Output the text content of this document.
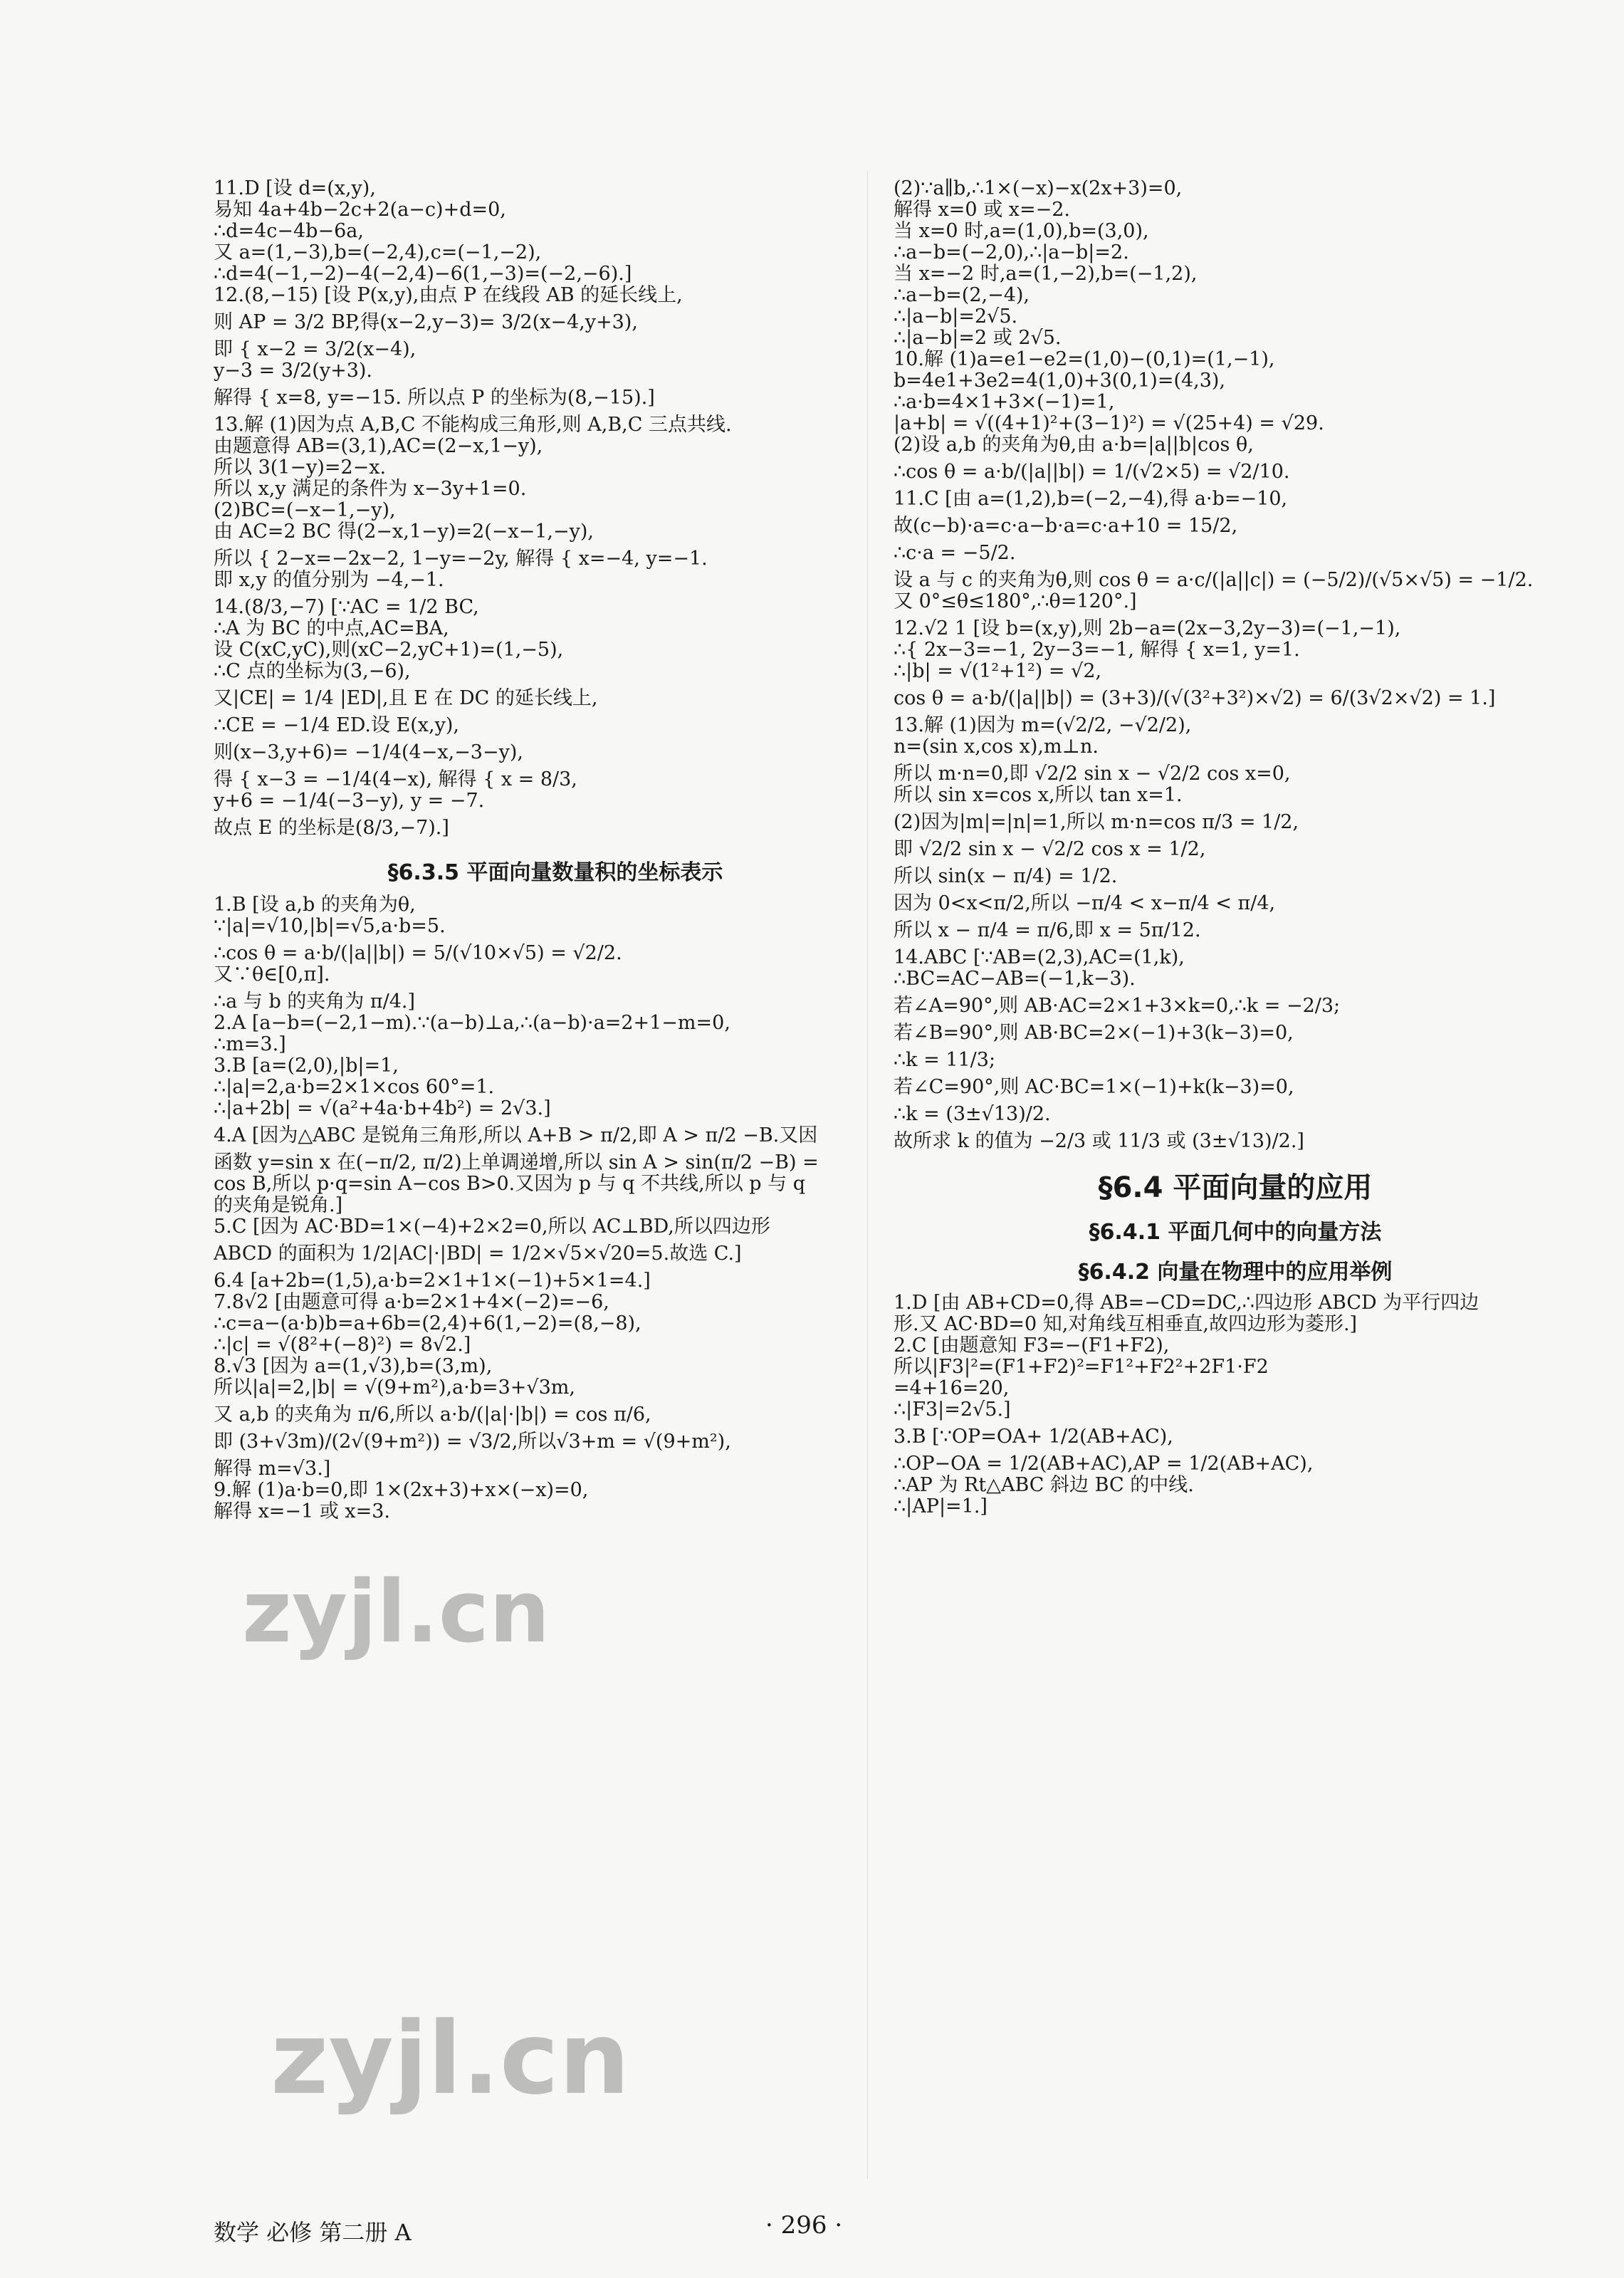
11.D [设 d=(x,y),
易知 4a+4b−2c+2(a−c)+d=0,
∴d=4c−4b−6a,
又 a=(1,−3),b=(−2,4),c=(−1,−2),
∴d=4(−1,−2)−4(−2,4)−6(1,−3)=(−2,−6).]
12.(8,−15) [设 P(x,y),由点 P 在线段 AB 的延长线上,
则 AP = 3/2 BP,得(x−2,y−3)= 3/2(x−4,y+3),
即 { x−2 = 3/2(x−4),
y−3 = 3/2(y+3).
解得 { x=8, y=−15. 所以点 P 的坐标为(8,−15).]
13.解 (1)因为点 A,B,C 不能构成三角形,则 A,B,C 三点共线.
由题意得 AB=(3,1),AC=(2−x,1−y),
所以 3(1−y)=2−x.
所以 x,y 满足的条件为 x−3y+1=0.
(2)BC=(−x−1,−y),
由 AC=2 BC 得(2−x,1−y)=2(−x−1,−y),
所以 { 2−x=−2x−2, 1−y=−2y, 解得 { x=−4, y=−1.
即 x,y 的值分别为 −4,−1.
14.(8/3,−7) [∵AC = 1/2 BC,
∴A 为 BC 的中点,AC=BA,
设 C(xC,yC),则(xC−2,yC+1)=(1,−5),
∴C 点的坐标为(3,−6),
又|CE| = 1/4 |ED|,且 E 在 DC 的延长线上,
∴CE = −1/4 ED.设 E(x,y),
则(x−3,y+6)= −1/4(4−x,−3−y),
得 { x−3 = −1/4(4−x), 解得 { x = 8/3,
y+6 = −1/4(−3−y), y = −7.
故点 E 的坐标是(8/3,−7).]
§6.3.5 平面向量数量积的坐标表示
1.B [设 a,b 的夹角为θ,
∵|a|=√10,|b|=√5,a·b=5.
∴cos θ = a·b/(|a||b|) = 5/(√10×√5) = √2/2.
又∵θ∈[0,π].
∴a 与 b 的夹角为 π/4.]
2.A [a−b=(−2,1−m).∵(a−b)⊥a,∴(a−b)·a=2+1−m=0,
∴m=3.]
3.B [a=(2,0),|b|=1,
∴|a|=2,a·b=2×1×cos 60°=1.
∴|a+2b| = √(a²+4a·b+4b²) = 2√3.]
4.A [因为△ABC 是锐角三角形,所以 A+B > π/2,即 A > π/2 −B.又因
函数 y=sin x 在(−π/2, π/2)上单调递增,所以 sin A > sin(π/2 −B) =
cos B,所以 p·q=sin A−cos B>0.又因为 p 与 q 不共线,所以 p 与 q
的夹角是锐角.]
5.C [因为 AC·BD=1×(−4)+2×2=0,所以 AC⊥BD,所以四边形
ABCD 的面积为 1/2|AC|·|BD| = 1/2×√5×√20=5.故选 C.]
6.4 [a+2b=(1,5),a·b=2×1+1×(−1)+5×1=4.]
7.8√2 [由题意可得 a·b=2×1+4×(−2)=−6,
∴c=a−(a·b)b=a+6b=(2,4)+6(1,−2)=(8,−8),
∴|c| = √(8²+(−8)²) = 8√2.]
8.√3 [因为 a=(1,√3),b=(3,m),
所以|a|=2,|b| = √(9+m²),a·b=3+√3m,
又 a,b 的夹角为 π/6,所以 a·b/(|a|·|b|) = cos π/6,
即 (3+√3m)/(2√(9+m²)) = √3/2,所以√3+m = √(9+m²),
解得 m=√3.]
9.解 (1)a·b=0,即 1×(2x+3)+x×(−x)=0,
解得 x=−1 或 x=3.
(2)∵a∥b,∴1×(−x)−x(2x+3)=0,
解得 x=0 或 x=−2.
当 x=0 时,a=(1,0),b=(3,0),
∴a−b=(−2,0),∴|a−b|=2.
当 x=−2 时,a=(1,−2),b=(−1,2),
∴a−b=(2,−4),
∴|a−b|=2√5.
∴|a−b|=2 或 2√5.
10.解 (1)a=e1−e2=(1,0)−(0,1)=(1,−1),
b=4e1+3e2=4(1,0)+3(0,1)=(4,3),
∴a·b=4×1+3×(−1)=1,
|a+b| = √((4+1)²+(3−1)²) = √(25+4) = √29.
(2)设 a,b 的夹角为θ,由 a·b=|a||b|cos θ,
∴cos θ = a·b/(|a||b|) = 1/(√2×5) = √2/10.
11.C [由 a=(1,2),b=(−2,−4),得 a·b=−10,
故(c−b)·a=c·a−b·a=c·a+10 = 15/2,
∴c·a = −5/2.
设 a 与 c 的夹角为θ,则 cos θ = a·c/(|a||c|) = (−5/2)/(√5×√5) = −1/2.
又 0°≤θ≤180°,∴θ=120°.]
12.√2 1 [设 b=(x,y),则 2b−a=(2x−3,2y−3)=(−1,−1),
∴{ 2x−3=−1, 2y−3=−1, 解得 { x=1, y=1.
∴|b| = √(1²+1²) = √2,
cos θ = a·b/(|a||b|) = (3+3)/(√(3²+3²)×√2) = 6/(3√2×√2) = 1.]
13.解 (1)因为 m=(√2/2, −√2/2),
n=(sin x,cos x),m⊥n.
所以 m·n=0,即 √2/2 sin x − √2/2 cos x=0,
所以 sin x=cos x,所以 tan x=1.
(2)因为|m|=|n|=1,所以 m·n=cos π/3 = 1/2,
即 √2/2 sin x − √2/2 cos x = 1/2,
所以 sin(x − π/4) = 1/2.
因为 0<x<π/2,所以 −π/4 < x−π/4 < π/4,
所以 x − π/4 = π/6,即 x = 5π/12.
14.ABC [∵AB=(2,3),AC=(1,k),
∴BC=AC−AB=(−1,k−3).
若∠A=90°,则 AB·AC=2×1+3×k=0,∴k = −2/3;
若∠B=90°,则 AB·BC=2×(−1)+3(k−3)=0,
∴k = 11/3;
若∠C=90°,则 AC·BC=1×(−1)+k(k−3)=0,
∴k = (3±√13)/2.
故所求 k 的值为 −2/3 或 11/3 或 (3±√13)/2.]
§6.4 平面向量的应用
§6.4.1 平面几何中的向量方法
§6.4.2 向量在物理中的应用举例
1.D [由 AB+CD=0,得 AB=−CD=DC,∴四边形 ABCD 为平行四边
形.又 AC·BD=0 知,对角线互相垂直,故四边形为菱形.]
2.C [由题意知 F3=−(F1+F2),
所以|F3|²=(F1+F2)²=F1²+F2²+2F1·F2
=4+16=20,
∴|F3|=2√5.]
3.B [∵OP=OA+ 1/2(AB+AC),
∴OP−OA = 1/2(AB+AC),AP = 1/2(AB+AC),
∴AP 为 Rt△ABC 斜边 BC 的中线.
∴|AP|=1.]
zyjl.cn
zyjl.cn
数学 必修 第二册 A	· 296 ·
